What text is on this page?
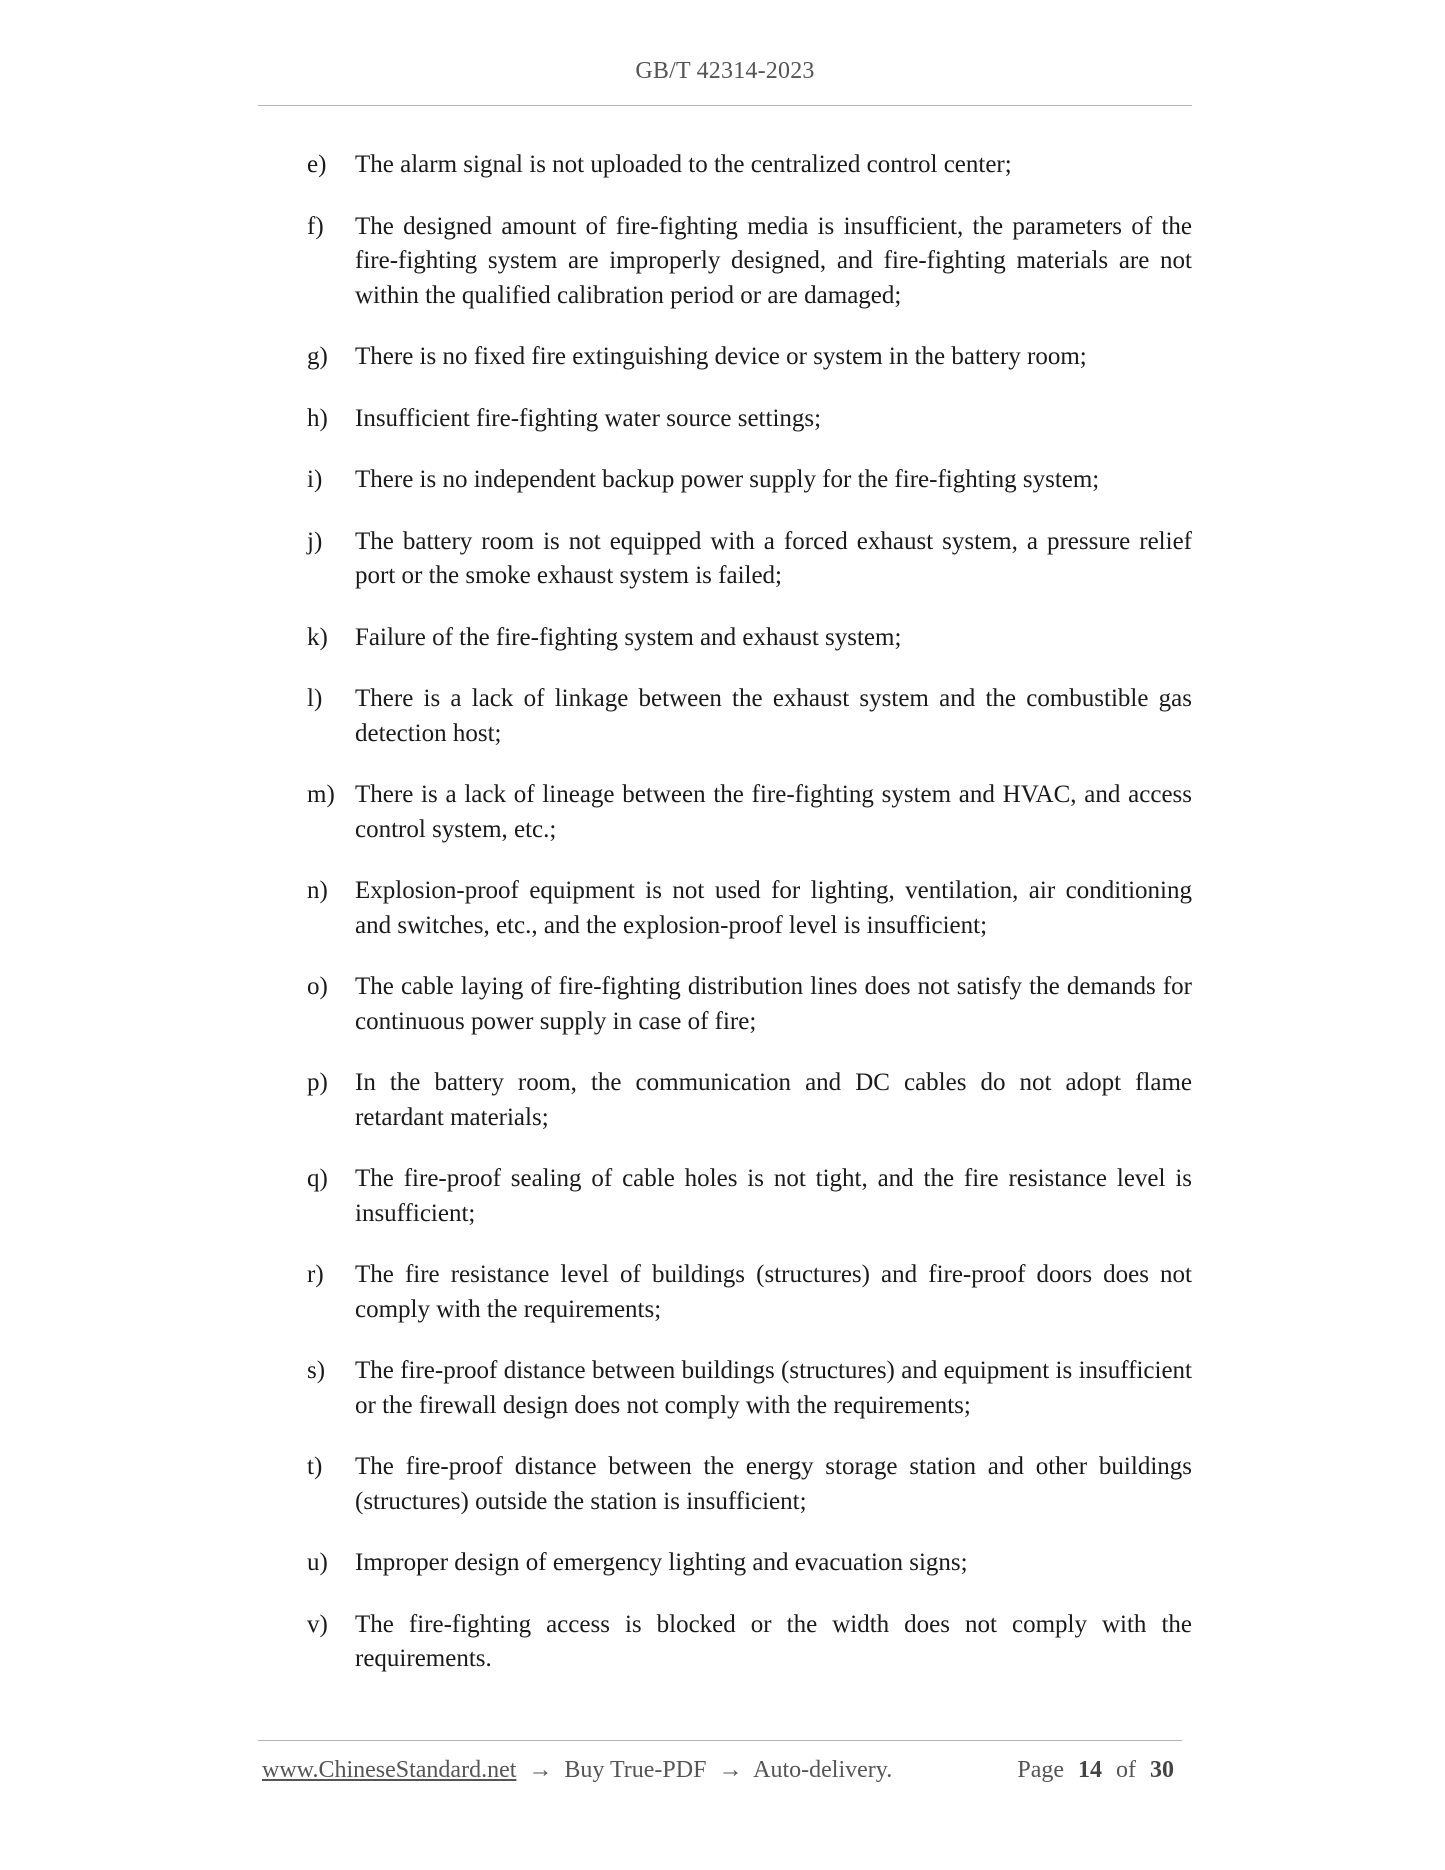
GB/T 42314-2023
e)	The alarm signal is not uploaded to the centralized control center;
f)	The designed amount of fire-fighting media is insufficient, the parameters of the fire-fighting system are improperly designed, and fire-fighting materials are not within the qualified calibration period or are damaged;
g)	There is no fixed fire extinguishing device or system in the battery room;
h)	Insufficient fire-fighting water source settings;
i)	There is no independent backup power supply for the fire-fighting system;
j)	The battery room is not equipped with a forced exhaust system, a pressure relief port or the smoke exhaust system is failed;
k)	Failure of the fire-fighting system and exhaust system;
l)	There is a lack of linkage between the exhaust system and the combustible gas detection host;
m) There is a lack of lineage between the fire-fighting system and HVAC, and access control system, etc.;
n)	Explosion-proof equipment is not used for lighting, ventilation, air conditioning and switches, etc., and the explosion-proof level is insufficient;
o)	The cable laying of fire-fighting distribution lines does not satisfy the demands for continuous power supply in case of fire;
p)	In the battery room, the communication and DC cables do not adopt flame retardant materials;
q)	The fire-proof sealing of cable holes is not tight, and the fire resistance level is insufficient;
r)	The fire resistance level of buildings (structures) and fire-proof doors does not comply with the requirements;
s)	The fire-proof distance between buildings (structures) and equipment is insufficient or the firewall design does not comply with the requirements;
t)	The fire-proof distance between the energy storage station and other buildings (structures) outside the station is insufficient;
u)	Improper design of emergency lighting and evacuation signs;
v)	The fire-fighting access is blocked or the width does not comply with the requirements.
www.ChineseStandard.net → Buy True-PDF → Auto-delivery.	Page 14 of 30
